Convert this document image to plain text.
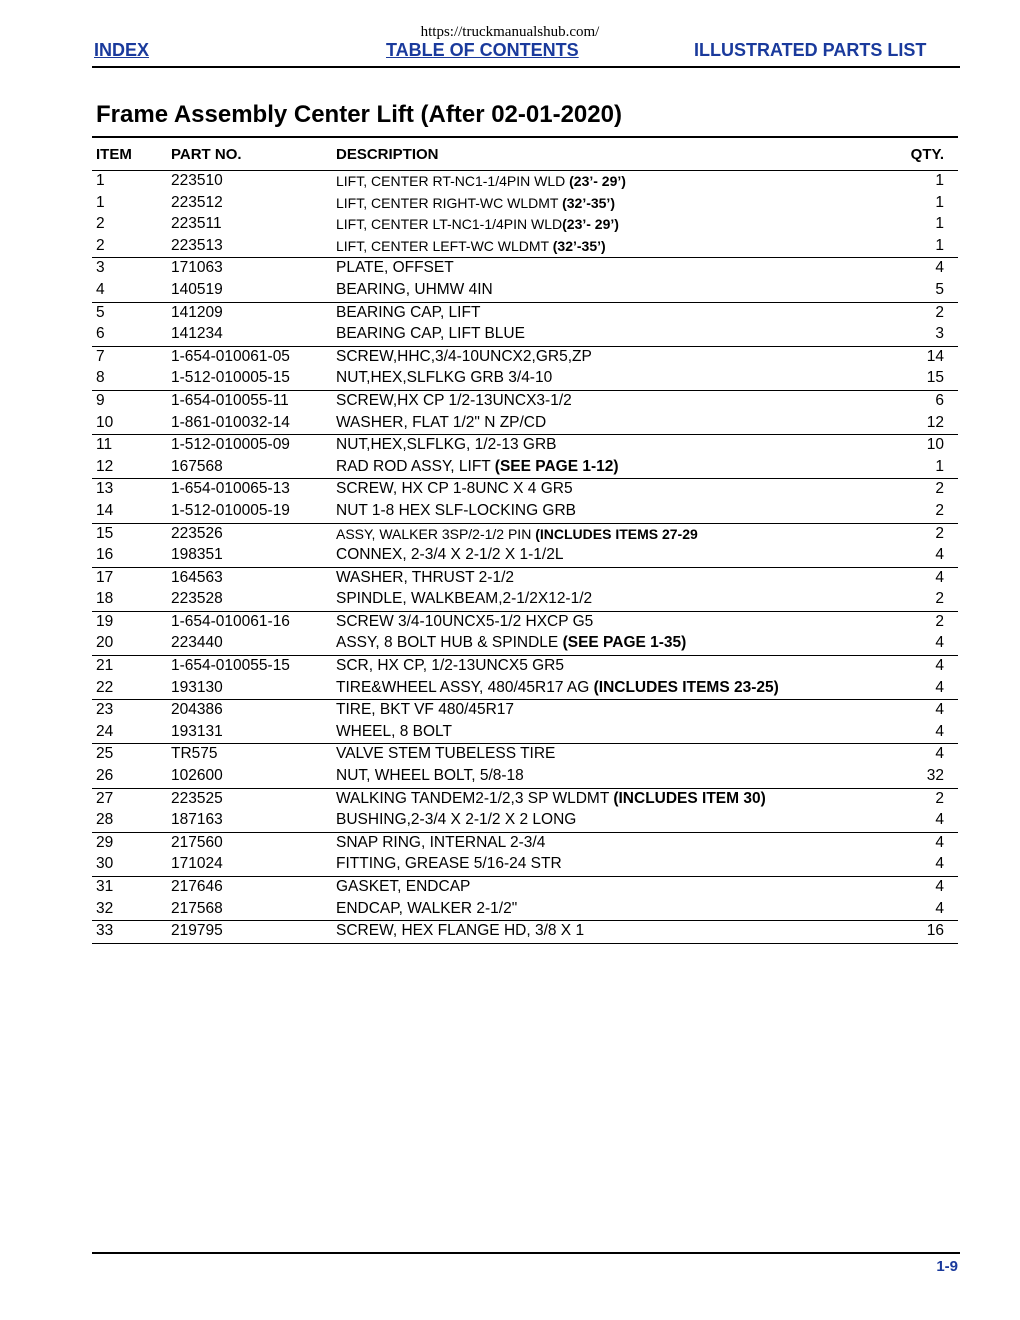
https://truckmanualshub.com/
INDEX	TABLE OF CONTENTS	ILLUSTRATED PARTS LIST
Frame Assembly Center Lift (After 02-01-2020)
ITEM	PART NO.	DESCRIPTION	QTY.
1	223510	LIFT, CENTER RT-NC1-1/4PIN WLD (23’- 29’)	1
1	223512	LIFT, CENTER RIGHT-WC WLDMT (32’-35’)	1
2	223511	LIFT, CENTER LT-NC1-1/4PIN WLD(23’- 29’)	1
2	223513	LIFT, CENTER LEFT-WC WLDMT (32’-35’)	1
3	171063	PLATE, OFFSET	4
4	140519	BEARING, UHMW 4IN	5
5	141209	BEARING CAP, LIFT	2
6	141234	BEARING CAP, LIFT BLUE	3
7	1-654-010061-05	SCREW,HHC,3/4-10UNCX2,GR5,ZP	14
8	1-512-010005-15	NUT,HEX,SLFLKG GRB 3/4-10	15
9	1-654-010055-11	SCREW,HX CP 1/2-13UNCX3-1/2	6
10	1-861-010032-14	WASHER, FLAT 1/2" N ZP/CD	12
11	1-512-010005-09	NUT,HEX,SLFLKG, 1/2-13 GRB	10
12	167568	RAD ROD ASSY, LIFT (SEE PAGE 1-12)	1
13	1-654-010065-13	SCREW, HX CP 1-8UNC X 4 GR5	2
14	1-512-010005-19	NUT 1-8 HEX SLF-LOCKING GRB	2
15	223526	ASSY, WALKER 3SP/2-1/2 PIN (INCLUDES ITEMS 27-29	2
16	198351	CONNEX, 2-3/4 X 2-1/2 X 1-1/2L	4
17	164563	WASHER, THRUST 2-1/2	4
18	223528	SPINDLE, WALKBEAM,2-1/2X12-1/2	2
19	1-654-010061-16	SCREW 3/4-10UNCX5-1/2 HXCP G5	2
20	223440	ASSY, 8 BOLT HUB & SPINDLE (SEE PAGE 1-35)	4
21	1-654-010055-15	SCR, HX CP, 1/2-13UNCX5 GR5	4
22	193130	TIRE&WHEEL ASSY, 480/45R17 AG (INCLUDES ITEMS 23-25)	4
23	204386	TIRE, BKT VF 480/45R17	4
24	193131	WHEEL, 8 BOLT	4
25	TR575	VALVE STEM TUBELESS TIRE	4
26	102600	NUT, WHEEL BOLT, 5/8-18	32
27	223525	WALKING TANDEM2-1/2,3 SP WLDMT (INCLUDES ITEM 30)	2
28	187163	BUSHING,2-3/4 X 2-1/2 X 2 LONG	4
29	217560	SNAP RING, INTERNAL 2-3/4	4
30	171024	FITTING, GREASE 5/16-24 STR	4
31	217646	GASKET, ENDCAP	4
32	217568	ENDCAP, WALKER 2-1/2"	4
33	219795	SCREW, HEX FLANGE HD, 3/8 X 1	16
1-9
